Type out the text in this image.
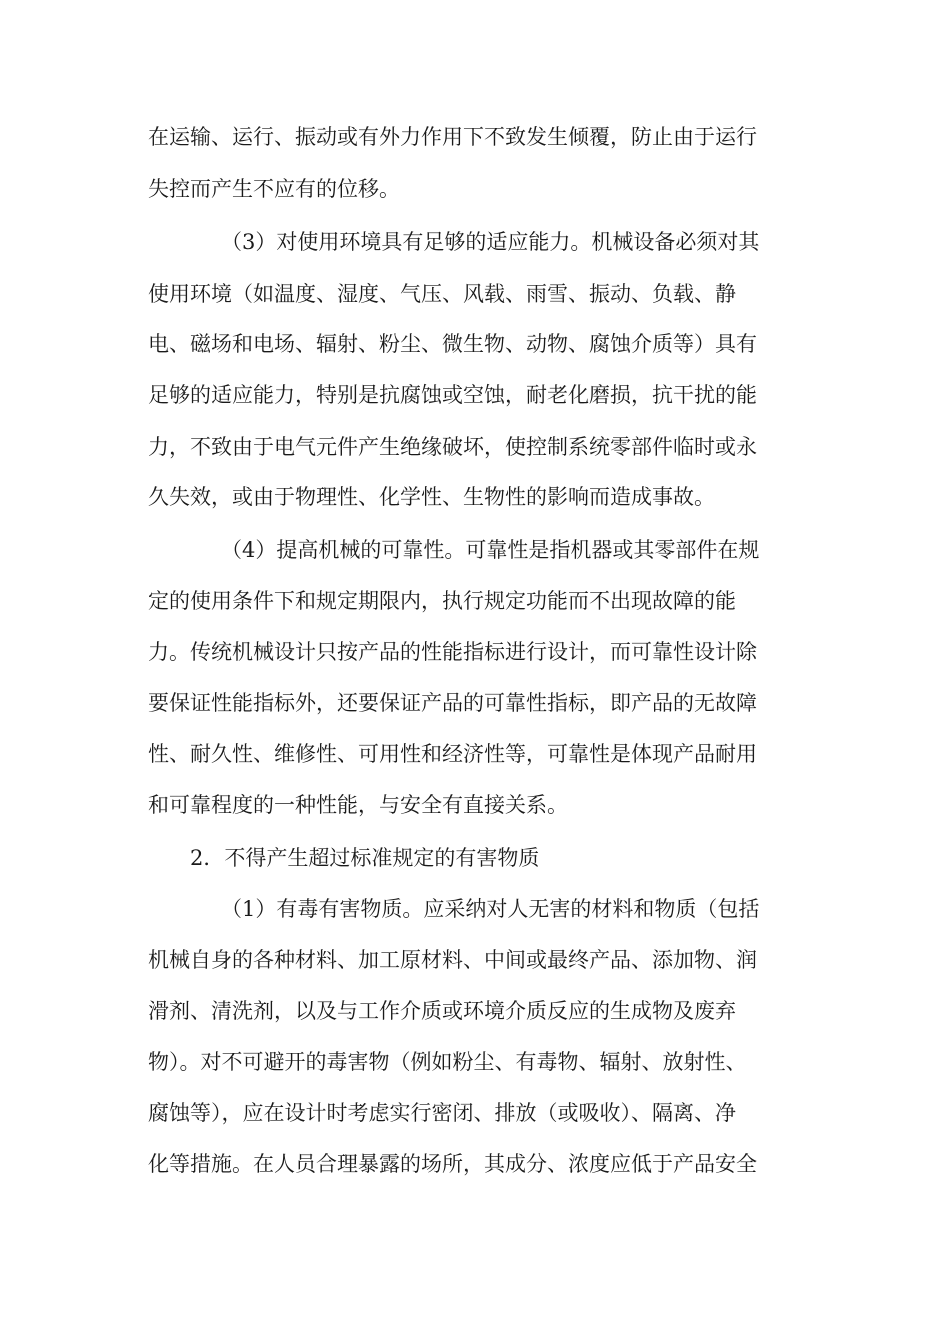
在运输、运行、振动或有外力作用下不致发生倾覆，防止由于运行
失控而产生不应有的位移。
（3）对使用环境具有足够的适应能力。机械设备必须对其
使用环境（如温度、湿度、气压、风载、雨雪、振动、负载、静
电、磁场和电场、辐射、粉尘、微生物、动物、腐蚀介质等）具有
足够的适应能力，特别是抗腐蚀或空蚀，耐老化磨损，抗干扰的能
力，不致由于电气元件产生绝缘破坏，使控制系统零部件临时或永
久失效，或由于物理性、化学性、生物性的影响而造成事故。
（4）提高机械的可靠性。可靠性是指机器或其零部件在规
定的使用条件下和规定期限内，执行规定功能而不出现故障的能
力。传统机械设计只按产品的性能指标进行设计，而可靠性设计除
要保证性能指标外，还要保证产品的可靠性指标，即产品的无故障
性、耐久性、维修性、可用性和经济性等，可靠性是体现产品耐用
和可靠程度的一种性能，与安全有直接关系。
2．不得产生超过标准规定的有害物质
（1）有毒有害物质。应采纳对人无害的材料和物质（包括
机械自身的各种材料、加工原材料、中间或最终产品、添加物、润
滑剂、清洗剂，以及与工作介质或环境介质反应的生成物及废弃
物）。对不可避开的毒害物（例如粉尘、有毒物、辐射、放射性、
腐蚀等），应在设计时考虑实行密闭、排放（或吸收）、隔离、净
化等措施。在人员合理暴露的场所，其成分、浓度应低于产品安全
